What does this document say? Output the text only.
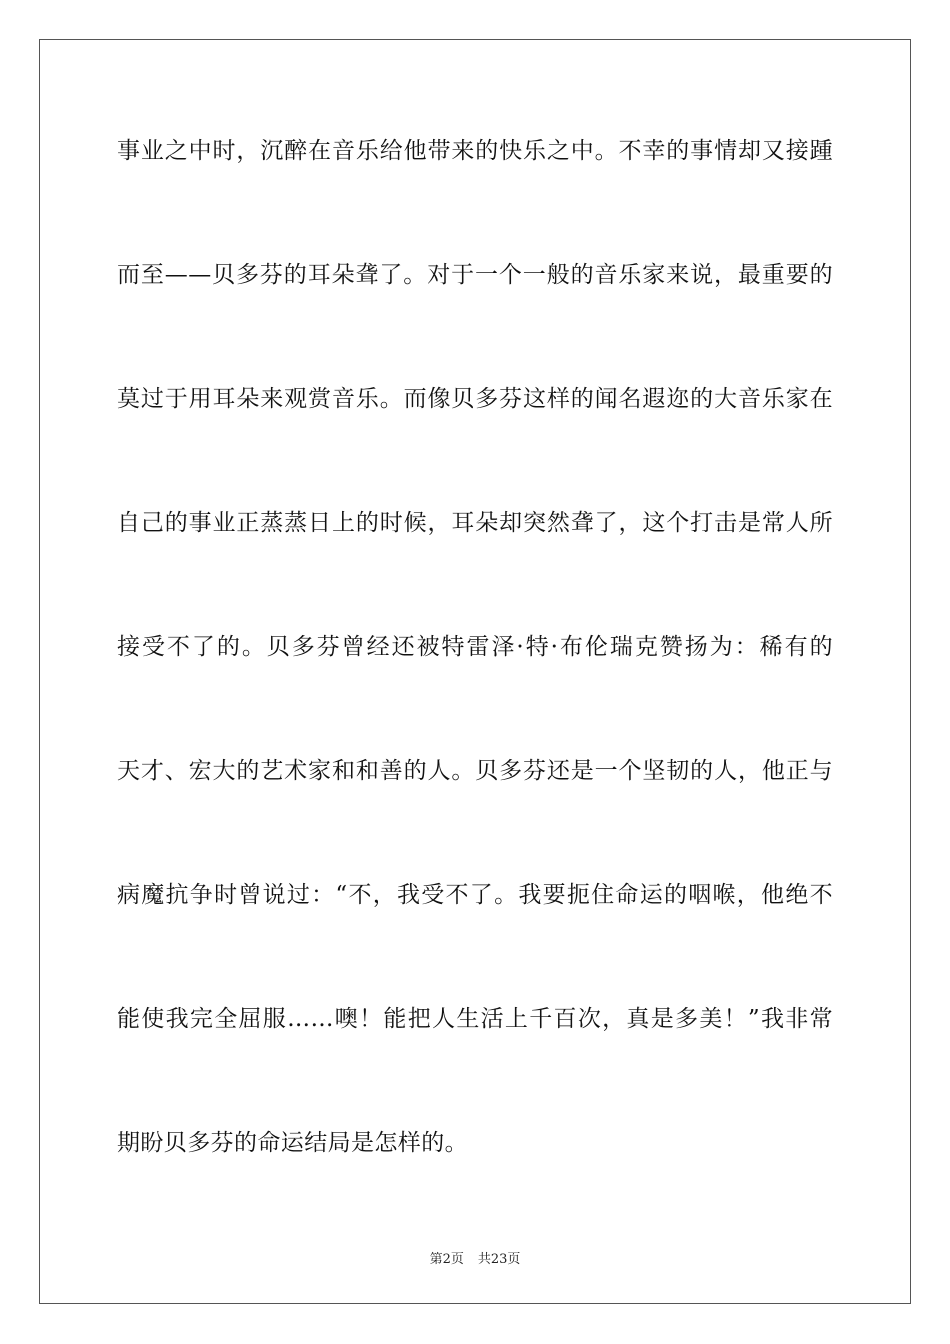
事业之中时，沉醉在音乐给他带来的快乐之中。不幸的事情却又接踵
而至——贝多芬的耳朵聋了。对于一个一般的音乐家来说，最重要的
莫过于用耳朵来观赏音乐。而像贝多芬这样的闻名遐迩的大音乐家在
自己的事业正蒸蒸日上的时候，耳朵却突然聋了，这个打击是常人所
接受不了的。贝多芬曾经还被特雷泽·特·布伦瑞克赞扬为：稀有的
天才、宏大的艺术家和和善的人。贝多芬还是一个坚韧的人，他正与
病魔抗争时曾说过：“不，我受不了。我要扼住命运的咽喉，他绝不
能使我完全屈服……噢！能把人生活上千百次，真是多美！”我非常
期盼贝多芬的命运结局是怎样的。
第2页 共23页
